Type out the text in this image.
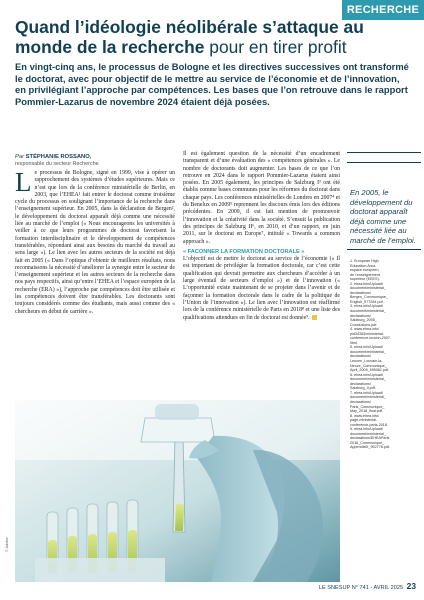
RECHERCHE
Quand l’idéologie néolibérale s’attaque au monde de la recherche pour en tirer profit
En vingt-cinq ans, le processus de Bologne et les directives successives ont transformé le doctorat, avec pour objectif de le mettre au service de l’économie et de l’innovation, en privilégiant l’approche par compétences. Les bases que l’on retrouve dans le rapport Pommier-Lazarus de novembre 2024 étaient déjà posées.
Par STÉPHANIE ROSSANO,
responsable du secteur Recherche

Le processus de Bologne, signé en 1999, vise à opérer un rapprochement des systèmes d’études supérieures. Mais ce n’est que lors de la conférence ministérielle de Berlin, en 2003, que l’EHEA¹ fait entrer le doctorat comme troisième cycle du processus en soulignant l’importance de la recherche dans l’enseignement supérieur. En 2005, dans la déclaration de Bergen², le développement du doctorat apparaît déjà comme une nécessité liée au marché de l’emploi (« Nous encourageons les universités à veiller à ce que leurs programmes de doctorat favorisent la formation interdisciplinaire et le développement de compétences transférables, répondant ainsi aux besoins du marché du travail au sens large »). Le lien avec les autres secteurs de la société est déjà fait en 2005 (« Dans l’optique d’obtenir de meilleurs résultats, nous reconnaissons la nécessité d’améliorer la synergie entre le secteur de l’enseignement supérieur et les autres secteurs de la recherche dans nos pays respectifs, ainsi qu’entre l’EHEA et l’espace européen de la recherche (ERA) »), l’approche par compétences doit être utilisée et les compétences doivent être transférables. Les doctorants sont toujours considérés comme des étudiants, mais aussi comme des « chercheurs en début de carrière ».

Il est également question de la nécessité d’un encadrement transparent et d’une évaluation des « compétences générales ». Le nombre de doctorants doit augmenter. Les bases de ce que l’on retrouve en 2024 dans le rapport Pommier-Lazarus étaient ainsi posées. En 2005 également, les principes de Salzburg I³ ont été établis comme bases communes pour les réformes du doctorat dans chaque pays. Les conférences ministérielles de Londres en 2007⁴ et du Benelux en 2009⁵ reprennent les discours émis lors des éditions précédentes. En 2009, il est fait mention de promouvoir l’innovation et la créativité dans la société. S’ensuit la publication des principes de Salzburg II⁶, en 2010, et d’un rapport, en juin 2011, sur le doctorat en Europe⁷, intitulé « Towards a common approach ».

« FACONNER LA FORMATION DOCTORALE »

L’objectif est de mettre le doctorat au service de l’économie (« Il est important de privilégier la formation doctorale, car c’est cette qualification qui devrait permettre aux chercheurs d’accéder à un large éventail de secteurs d’emploi ») et de l’innovation (« L’opportunité existe maintenant de se projeter dans l’avenir et de façonner la formation doctorale dans le cadre de la politique de l’Union de l’innovation »). Le lien avec l’innovation est réaffirmé lors de la conférence ministérielle de Paris en 2018⁸ et une liste des qualifications attendues en fin de doctorat est donnée⁹.

En 2005, le développement du doctorat apparaît déjà comme une nécessité liée au marché de l’emploi.

1. European High
Education Area,
espace européen
de l’enseignement
supérieur (EEES).
2. ehea.info/Upload/
document/ministerial_
declarations/
Bergen_Communique_
English_577284.pdf.
3. ehea.info/Upload/
document/ministerial_
declarations/
Salzburg_2005_
Conclusions.pdf.
4. www.ehea.info/
pid34363/ministerial-
conference-london-2007.
html.
5. ehea.info/Upload/
document/ministerial_
declarations/
Leuven_Louvain-la-
Neuve_Communique_
April_2009_595061.pdf.
6. ehea.info/Upload/
document/ministerial_
declarations/
Salzburg_II.pdf.
7. ehea.info/Upload/
document/ministerial_
declarations/
Paris_Communique_
May_2018_final.pdf.
8. www.ehea.info/
page-ministerial-
conference-paris-2018.
9. ehea.info/Upload/
document/ministerial_
declarations/EHEAParis
2018_Communique_
AppendixIII_952778.pdf.
© Adobe
LE SNESUP N° 741 - AVRIL 2025 23
